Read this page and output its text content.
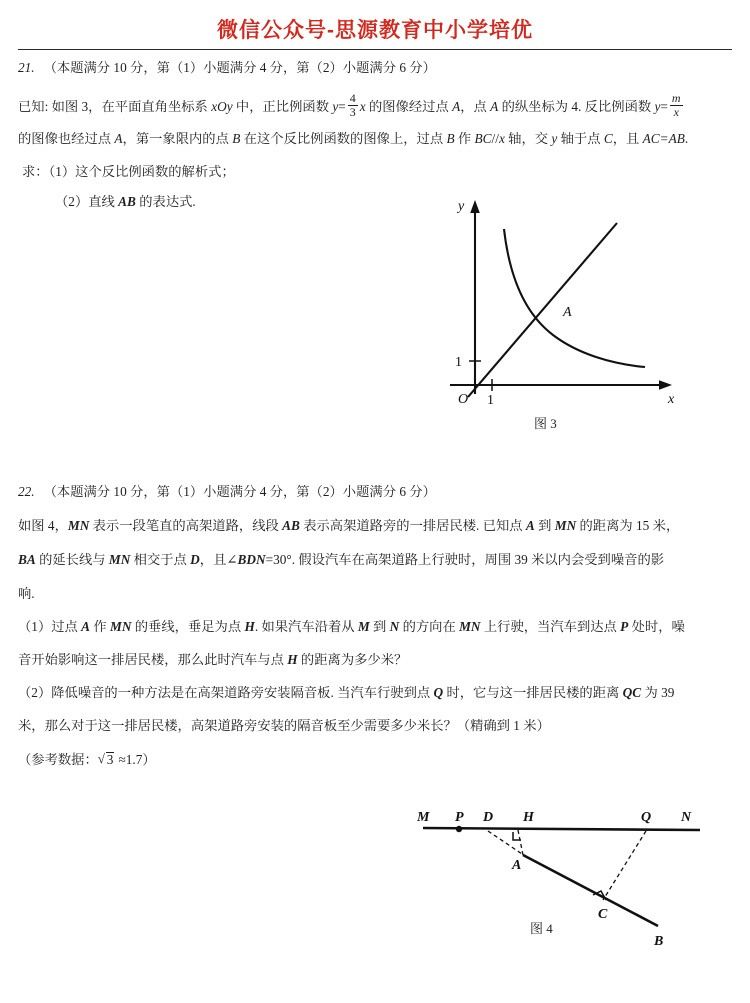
微信公众号-思源教育中小学培优
21. （本题满分 10 分，第（1）小题满分 4 分，第（2）小题满分 6 分）
已知: 如图 3，在平面直角坐标系 xOy 中，正比例函数 $y= \frac{4}{3}$ x 的图像经过点 A，点 A 的纵坐标为 4. 反比例函数 $y= \frac{m}{x}$
的图像也经过点 A，第一象限内的点 B 在这个反比例函数的图像上，过点 B 作 BC//x 轴，交 y 轴于点 C，且 AC=AB.
求：（1）这个反比例函数的解析式；
（2）直线 AB 的表达式.	y
x
O 1
1
A
图 3
22. （本题满分 10 分，第（1）小题满分 4 分，第（2）小题满分 6 分）
如图 4，MN 表示一段笔直的高架道路，线段 AB 表示高架道路旁的一排居民楼. 已知点 A 到 MN 的距离为 15 米，
BA 的延长线与 MN 相交于点 D，且∠BDN=30°. 假设汽车在高架道路上行驶时，周围 39 米以内会受到噪音的影
响.
（1）过点 A 作 MN 的垂线，垂足为点 H. 如果汽车沿着从 M 到 N 的方向在 MN 上行驶，当汽车到达点 P 处时，噪
音开始影响这一排居民楼，那么此时汽车与点 H 的距离为多少米？
（2）降低噪音的一种方法是在高架道路旁安装隔音板. 当汽车行驶到点 Q 时，它与这一排居民楼的距离 QC 为 39
米，那么对于这一排居民楼，高架道路旁安装的隔音板至少需要多少米长？（精确到 1 米）
（参考数据： √ 3 ≈1.7）
M P D H	Q N
A
C
B
图 4
